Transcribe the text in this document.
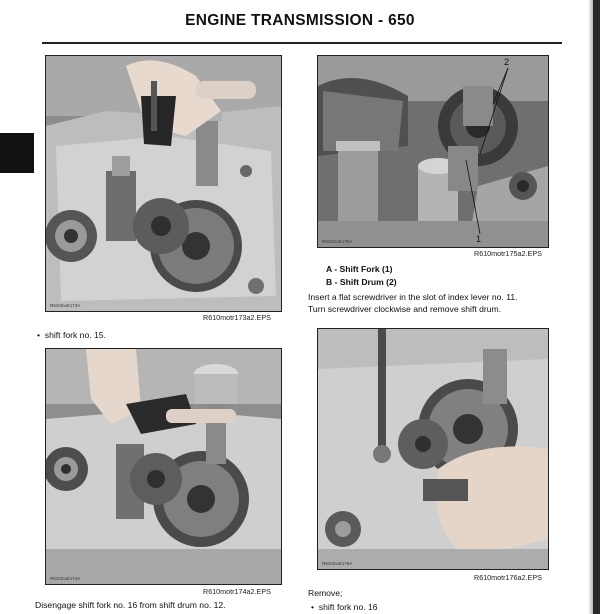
ENGINE TRANSMISSION - 650
R610motr173A
R610motr173a2.EPS
2
1
R610motr175A
R610motr175a2.EPS
A - Shift Fork (1)
B - Shift Drum (2)
Insert a flat screwdriver in the slot of index lever no. 11.
Turn screwdriver clockwise and remove shift drum.
• shift fork no. 15.
R610motr174A
R610motr174a2.EPS
Disengage shift fork no. 16 from shift drum no. 12.
R610motr176A
R610motr176a2.EPS
Remove;
• shift fork no. 16
